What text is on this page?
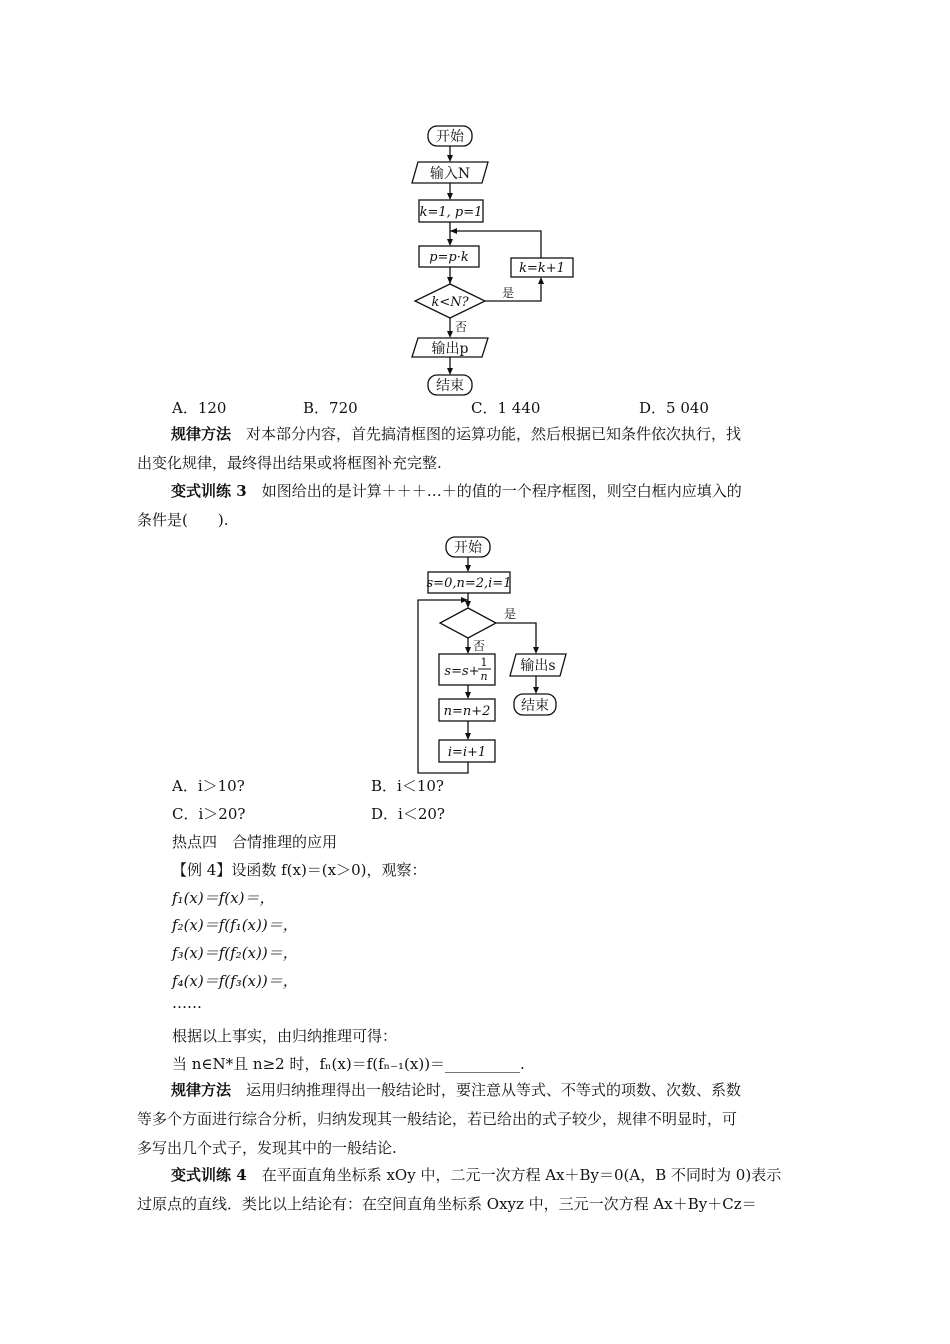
开始
输入N
k=1, p=1
p=p·k
k=k+1
k<N?
是
否
输出p
结束
A．120	B．720	C．1 440	D．5 040
规律方法　 对本部分内容，首先搞清框图的运算功能，然后根据已知条件依次执行，找
出变化规律，最终得出结果或将框图补充完整.
变式训练 3　 如图给出的是计算＋＋＋…＋的值的一个程序框图，则空白框内应填入的
条件是(　　).
开始
s=0,n=2,i=1
是
否
s=s+
1
n
n=n+2
i=i+1
输出s
结束
A．i＞10?	B．i＜10?
C．i＞20?	D．i＜20?
热点四　合情推理的应用
【例 4】设函数 f(x)＝(x＞0)，观察：
f₁(x)＝f(x)＝，
f₂(x)＝f(f₁(x))＝，
f₃(x)＝f(f₂(x))＝，
f₄(x)＝f(f₃(x))＝，
……
根据以上事实，由归纳推理可得：
当 n∈N*且 n≥2 时，fₙ(x)＝f(fₙ₋₁(x))＝__________.
规律方法　 运用归纳推理得出一般结论时，要注意从等式、不等式的项数、次数、系数
等多个方面进行综合分析，归纳发现其一般结论，若已给出的式子较少，规律不明显时，可
多写出几个式子，发现其中的一般结论.
变式训练 4　 在平面直角坐标系 xOy 中，二元一次方程 Ax＋By＝0(A，B 不同时为 0)表示
过原点的直线．类比以上结论有：在空间直角坐标系 Oxyz 中，三元一次方程 Ax＋By＋Cz＝
